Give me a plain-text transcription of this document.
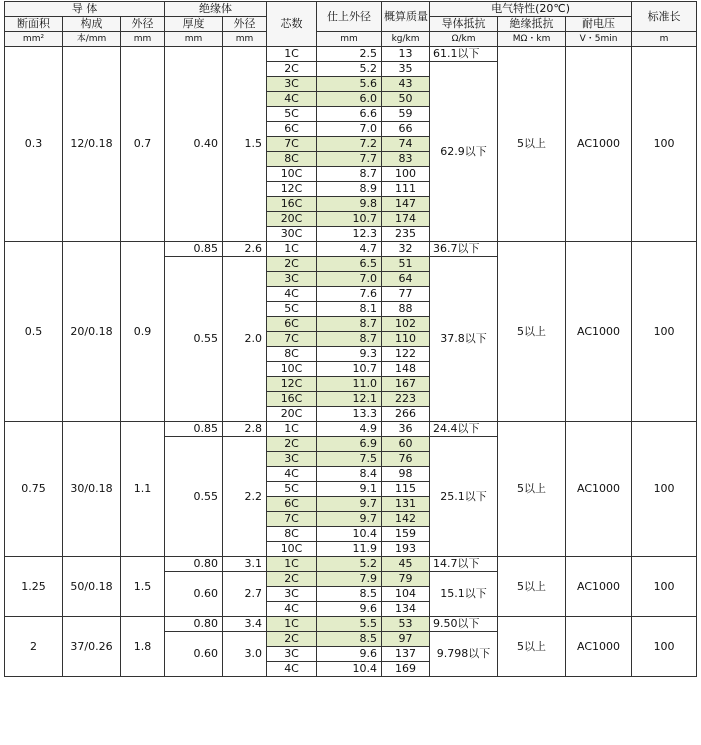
导 体			绝缘体		芯数	仕上外径	概算质量	电气特性(20℃)			标准长
断面积	构成	外径	厚度	外径				导体抵抗	絶缘抵抗	耐电压	
mm²	本/mm	mm	mm	mm		mm	kg/km	Ω/km	MΩ・km	V・5min	m
0.3	12/0.18	0.7	0.40	1.5	1C	2.5	13	61.1以下	5以上	AC1000	100
					2C	5.2	35	62.9以下			
					3C	5.6	43				
					4C	6.0	50				
					5C	6.6	59				
					6C	7.0	66				
					7C	7.2	74				
					8C	7.7	83				
					10C	8.7	100				
					12C	8.9	111				
					16C	9.8	147				
					20C	10.7	174				
					30C	12.3	235				
0.5	20/0.18	0.9	0.85	2.6	1C	4.7	32	36.7以下	5以上	AC1000	100
			0.55	2.0	2C	6.5	51	37.8以下			
					3C	7.0	64				
					4C	7.6	77				
					5C	8.1	88				
					6C	8.7	102				
					7C	8.7	110				
					8C	9.3	122				
					10C	10.7	148				
					12C	11.0	167				
					16C	12.1	223				
					20C	13.3	266				
0.75	30/0.18	1.1	0.85	2.8	1C	4.9	36	24.4以下	5以上	AC1000	100
			0.55	2.2	2C	6.9	60	25.1以下			
					3C	7.5	76				
					4C	8.4	98				
					5C	9.1	115				
					6C	9.7	131				
					7C	9.7	142				
					8C	10.4	159				
					10C	11.9	193				
1.25	50/0.18	1.5	0.80	3.1	1C	5.2	45	14.7以下	5以上	AC1000	100
			0.60	2.7	2C	7.9	79	15.1以下			
					3C	8.5	104				
					4C	9.6	134				
2	37/0.26	1.8	0.80	3.4	1C	5.5	53	9.50以下	5以上	AC1000	100
			0.60	3.0	2C	8.5	97	9.798以下			
					3C	9.6	137				
					4C	10.4	169				
